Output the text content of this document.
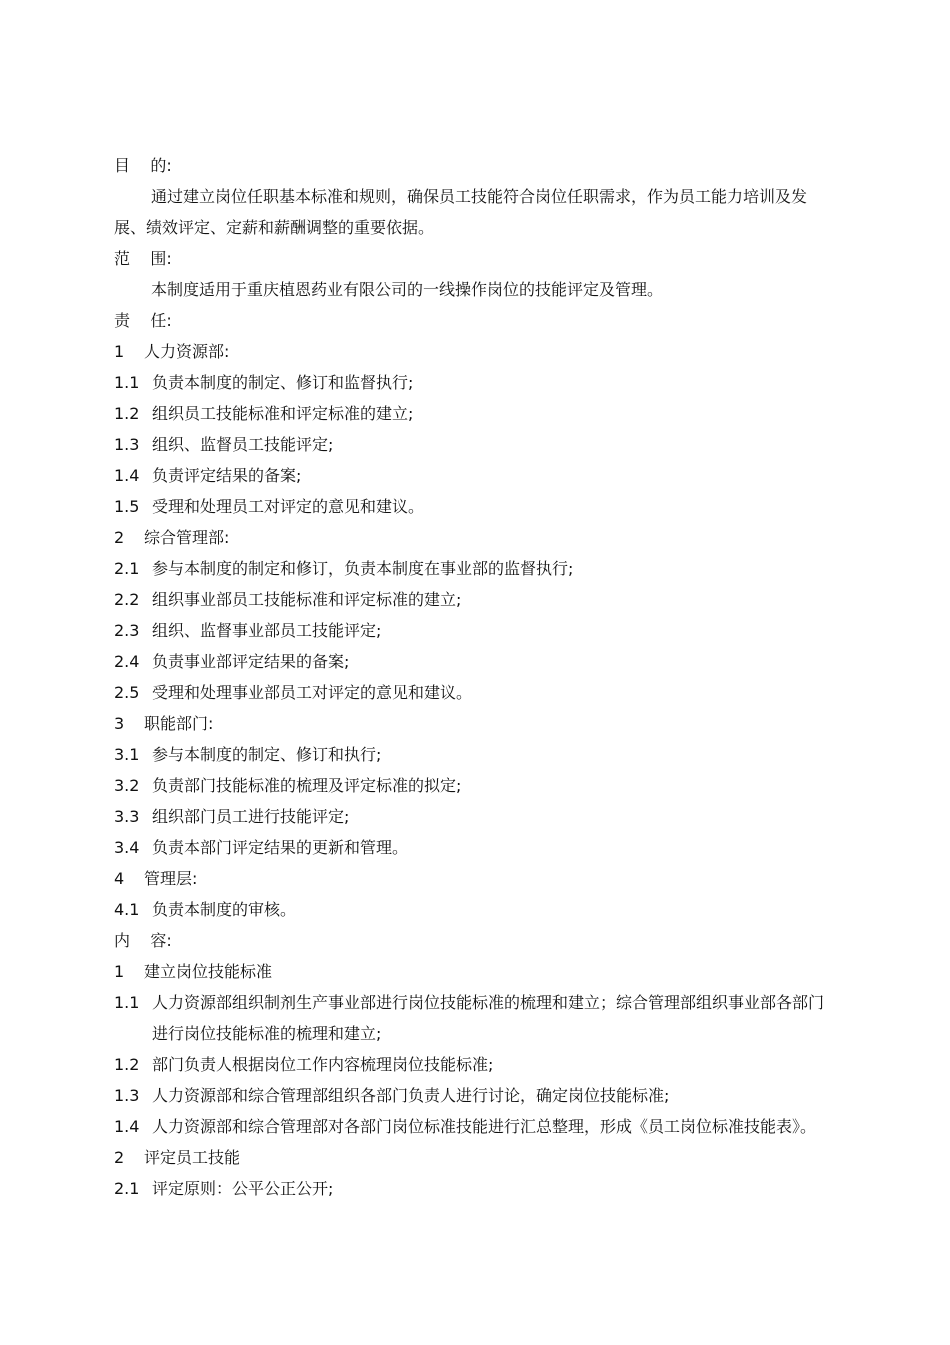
目    的:
通过建立岗位任职基本标准和规则，确保员工技能符合岗位任职需求，作为员工能力培训及发展、绩效评定、定薪和薪酬调整的重要依据。
范    围:
本制度适用于重庆植恩药业有限公司的一线操作岗位的技能评定及管理。
责    任:
1	人力资源部:
1.1 负责本制度的制定、修订和监督执行;
1.2 组织员工技能标准和评定标准的建立;
1.3 组织、监督员工技能评定;
1.4 负责评定结果的备案;
1.5 受理和处理员工对评定的意见和建议。
2	综合管理部:
2.1 参与本制度的制定和修订，负责本制度在事业部的监督执行;
2.2 组织事业部员工技能标准和评定标准的建立;
2.3 组织、监督事业部员工技能评定;
2.4 负责事业部评定结果的备案;
2.5 受理和处理事业部员工对评定的意见和建议。
3	职能部门:
3.1 参与本制度的制定、修订和执行;
3.2 负责部门技能标准的梳理及评定标准的拟定;
3.3 组织部门员工进行技能评定;
3.4 负责本部门评定结果的更新和管理。
4	管理层:
4.1 负责本制度的审核。
内    容:
1	建立岗位技能标准
1.1 人力资源部组织制剂生产事业部进行岗位技能标准的梳理和建立；综合管理部组织事业部各部门进行岗位技能标准的梳理和建立;
1.2 部门负责人根据岗位工作内容梳理岗位技能标准;
1.3 人力资源部和综合管理部组织各部门负责人进行讨论，确定岗位技能标准;
1.4 人力资源部和综合管理部对各部门岗位标准技能进行汇总整理，形成《员工岗位标准技能表》。
2	评定员工技能
2.1 评定原则：公平公正公开;
